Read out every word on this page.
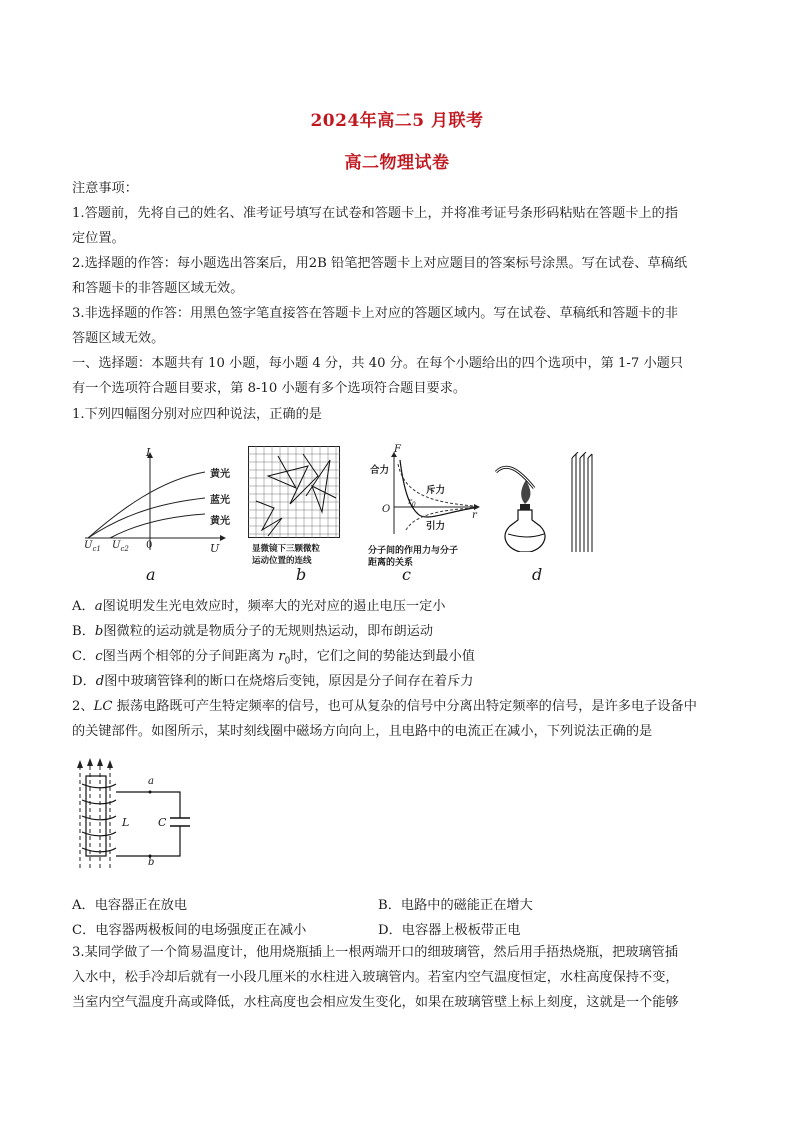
2024年高二5 月联考
高二物理试卷
注意事项：
1.答题前，先将自己的姓名、准考证号填写在试卷和答题卡上，并将准考证号条形码粘贴在答题卡上的指
定位置。
2.选择题的作答：每小题选出答案后，用2B 铅笔把答题卡上对应题目的答案标号涂黑。写在试卷、草稿纸
和答题卡的非答题区域无效。
3.非选择题的作答：用黑色签字笔直接答在答题卡上对应的答题区域内。写在试卷、草稿纸和答题卡的非
答题区域无效。
一、选择题：本题共有 10 小题，每小题 4 分，共 40 分。在每个小题给出的四个选项中，第 1-7 小题只
有一个选项符合题目要求，第 8-10 小题有多个选项符合题目要求。
1.下列四幅图分别对应四种说法，正确的是
I
U
$U_{c1}$ $U_{c2}$ 0
黄光
蓝光
黄光
a
显微镜下三颗微粒
运动位置的连线
b
F
合力
斥力
引力
O
$r_0$
r
分子间的作用力与分子
距离的关系
c	d
A．a图说明发生光电效应时，频率大的光对应的遏止电压一定小
B．b图微粒的运动就是物质分子的无规则热运动，即布朗运动
C．c图当两个相邻的分子间距离为 $r_0$时，它们之间的势能达到最小值
D．d图中玻璃管锋利的断口在烧熔后变钝，原因是分子间存在着斥力
2、LC 振荡电路既可产生特定频率的信号，也可从复杂的信号中分离出特定频率的信号，是许多电子设备中
的关键部件。如图所示，某时刻线圈中磁场方向向上，且电路中的电流正在减小，下列说法正确的是
a
b
L	C
A．电容器正在放电	B．电路中的磁能正在增大
C．电容器两极板间的电场强度正在减小	D．电容器上极板带正电
3.某同学做了一个简易温度计，他用烧瓶插上一根两端开口的细玻璃管，然后用手捂热烧瓶，把玻璃管插
入水中，松手冷却后就有一小段几厘米的水柱进入玻璃管内。若室内空气温度恒定，水柱高度保持不变，
当室内空气温度升高或降低，水柱高度也会相应发生变化，如果在玻璃管壁上标上刻度，这就是一个能够
